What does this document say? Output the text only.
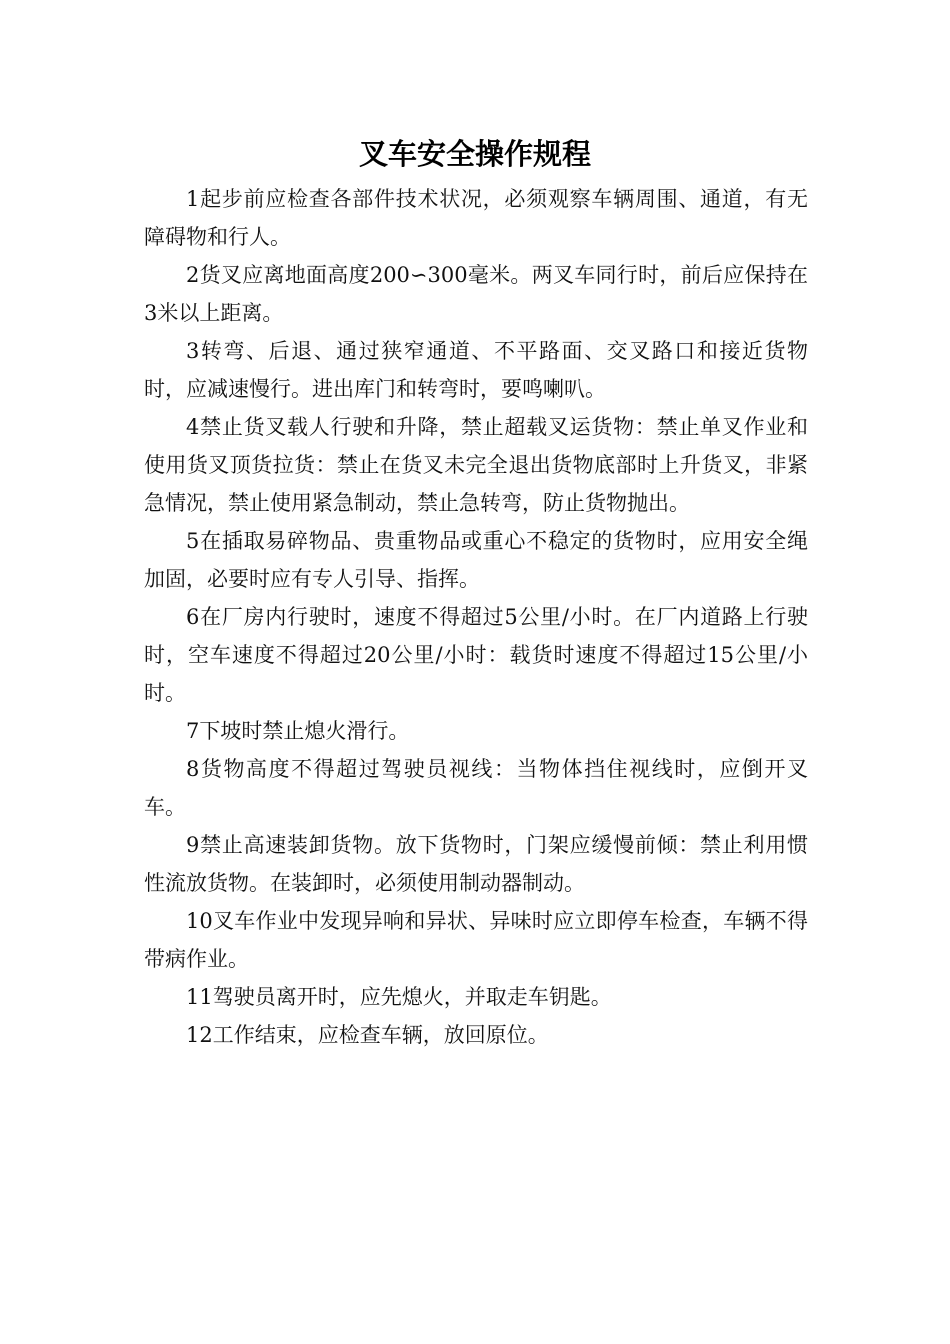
叉车安全操作规程

1起步前应检查各部件技术状况，必须观察车辆周围、通道，有无障碍物和行人。

2货叉应离地面高度200∽300毫米。两叉车同行时，前后应保持在3米以上距离。

3转弯、后退、通过狭窄通道、不平路面、交叉路口和接近货物时，应减速慢行。进出库门和转弯时，要鸣喇叭。

4禁止货叉载人行驶和升降，禁止超载叉运货物：禁止单叉作业和使用货叉顶货拉货：禁止在货叉未完全退出货物底部时上升货叉，非紧急情况，禁止使用紧急制动，禁止急转弯，防止货物抛出。

5在插取易碎物品、贵重物品或重心不稳定的货物时，应用安全绳加固，必要时应有专人引导、指挥。

6在厂房内行驶时，速度不得超过5公里/小时。在厂内道路上行驶时，空车速度不得超过20公里/小时：载货时速度不得超过15公里/小时。

7下坡时禁止熄火滑行。

8货物高度不得超过驾驶员视线：当物体挡住视线时，应倒开叉车。

9禁止高速装卸货物。放下货物时，门架应缓慢前倾：禁止利用惯性流放货物。在装卸时，必须使用制动器制动。

10叉车作业中发现异响和异状、异味时应立即停车检查，车辆不得带病作业。

11驾驶员离开时，应先熄火，并取走车钥匙。

12工作结束，应检查车辆，放回原位。
